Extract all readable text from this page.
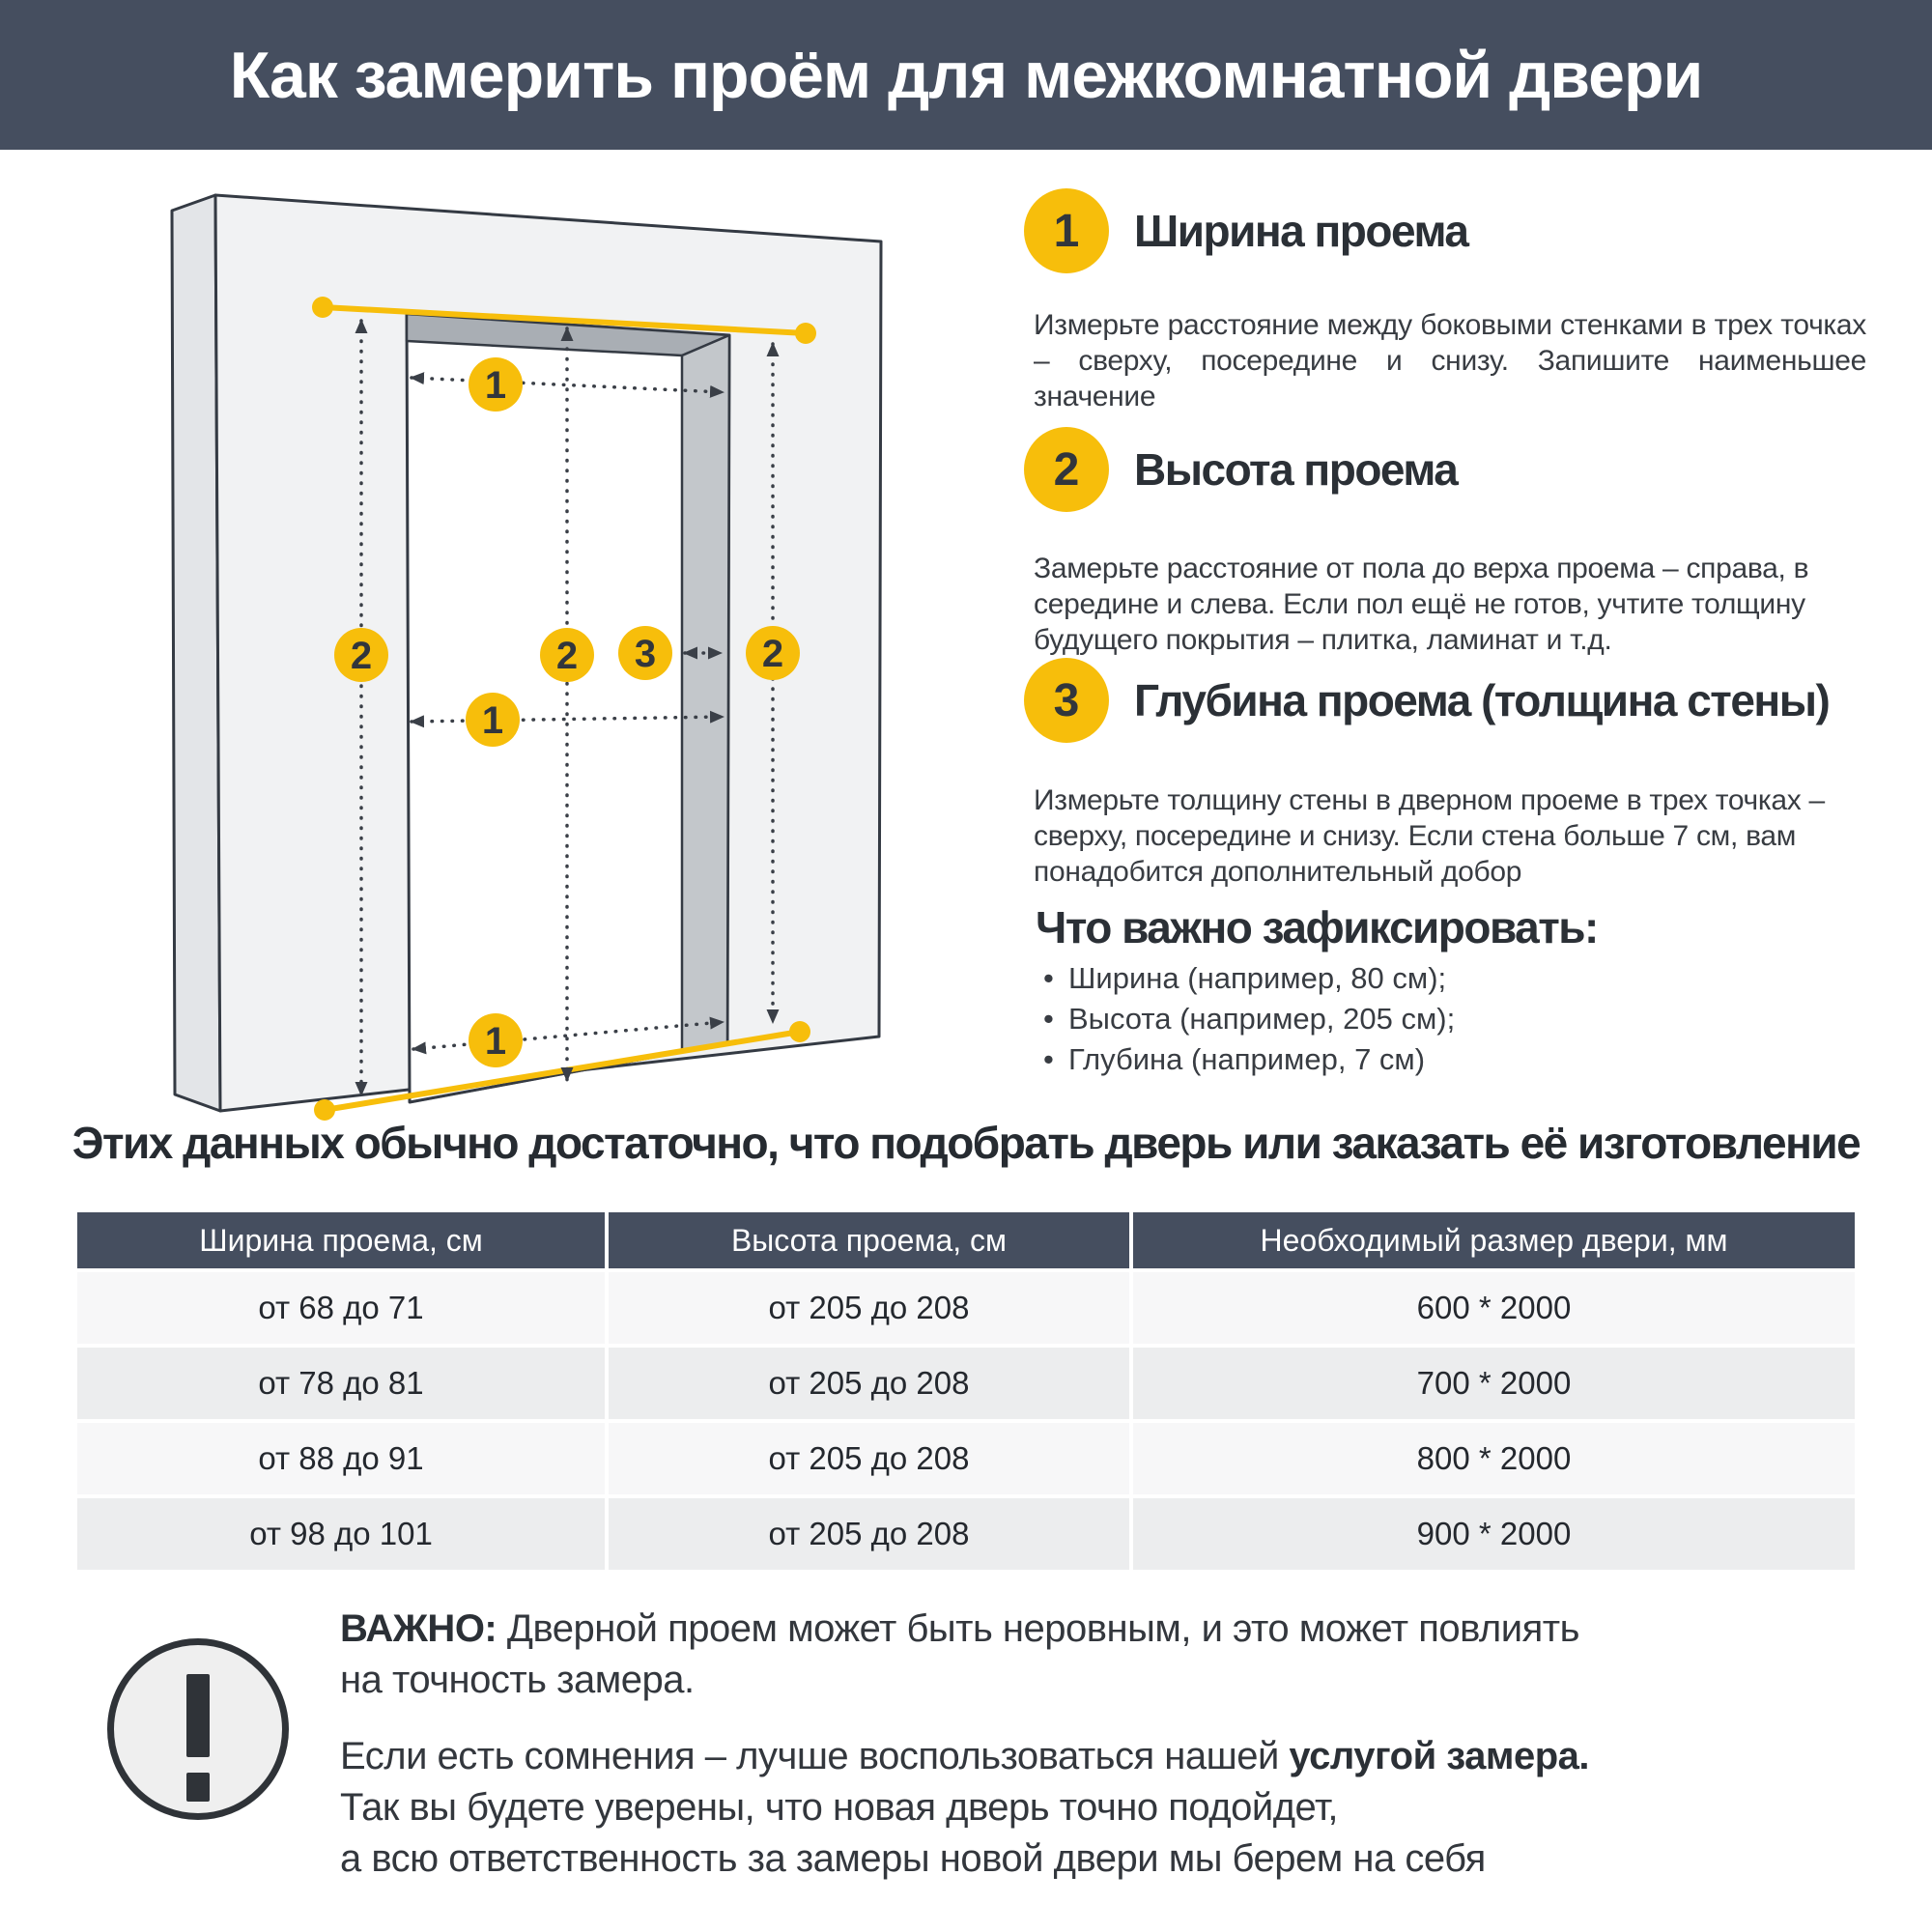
Как замерить проём для межкомнатной двери
1
1
1
2	2 3	2
1	Ширина проема

Измерьте расстояние между боковыми стенками в трех точках – сверху, посередине и снизу. Запишите наименьшее значение

2	Высота проема

Замерьте расстояние от пола до верха проема – справа, в середине и слева. Если пол ещё не готов, учтите толщину будущего покрытия – плитка, ламинат и т.д.

3	Глубина проема (толщина стены)

Измерьте толщину стены в дверном проеме в трех точках – сверху, посередине и снизу. Если стена больше 7 см, вам понадобится дополнительный добор

Что важно зафиксировать:
• Ширина (например, 80 см);
• Высота (например, 205 см);
• Глубина (например, 7 см)

Этих данных обычно достаточно, что подобрать дверь или заказать её изготовление

Ширина проема, см	Высота проема, см	Необходимый размер двери, мм
от 68 до 71	от 205 до 208	600 * 2000
от 78 до 81	от 205 до 208	700 * 2000
от 88 до 91	от 205 до 208	800 * 2000
от 98 до 101	от 205 до 208	900 * 2000
ВАЖНО: Дверной проем может быть неровным, и это может повлиять
на точность замера.
Если есть сомнения – лучше воспользоваться нашей услугой замера.
Так вы будете уверены, что новая дверь точно подойдет,
а всю ответственность за замеры новой двери мы берем на себя
